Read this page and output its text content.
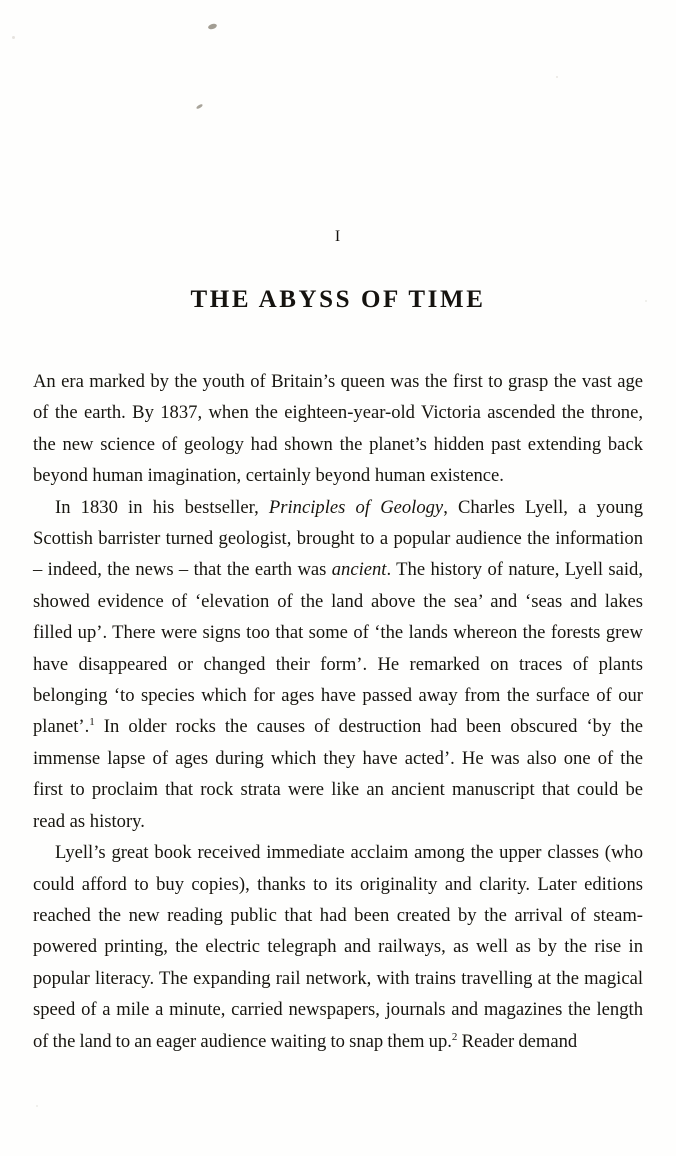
I
THE ABYSS OF TIME

An era marked by the youth of Britain’s queen was the first to grasp the vast age of the earth. By 1837, when the eighteen-year-old Victoria ascended the throne, the new science of geology had shown the planet’s hidden past extending back beyond human imagination, certainly beyond human existence.

In 1830 in his bestseller, Principles of Geology, Charles Lyell, a young Scottish barrister turned geologist, brought to a popular audience the information – indeed, the news – that the earth was ancient. The history of nature, Lyell said, showed evidence of ‘elevation of the land above the sea’ and ‘seas and lakes filled up’. There were signs too that some of ‘the lands whereon the forests grew have disappeared or changed their form’. He remarked on traces of plants belonging ‘to species which for ages have passed away from the surface of our planet’.$^1$ In older rocks the causes of destruction had been obscured ‘by the immense lapse of ages during which they have acted’. He was also one of the first to proclaim that rock strata were like an ancient manuscript that could be read as history.

Lyell’s great book received immediate acclaim among the upper classes (who could afford to buy copies), thanks to its originality and clarity. Later editions reached the new reading public that had been created by the arrival of steam-powered printing, the electric telegraph and railways, as well as by the rise in popular literacy. The expanding rail network, with trains travelling at the magical speed of a mile a minute, carried newspapers, journals and magazines the length of the land to an eager audience waiting to snap them up.$^2$ Reader demand
